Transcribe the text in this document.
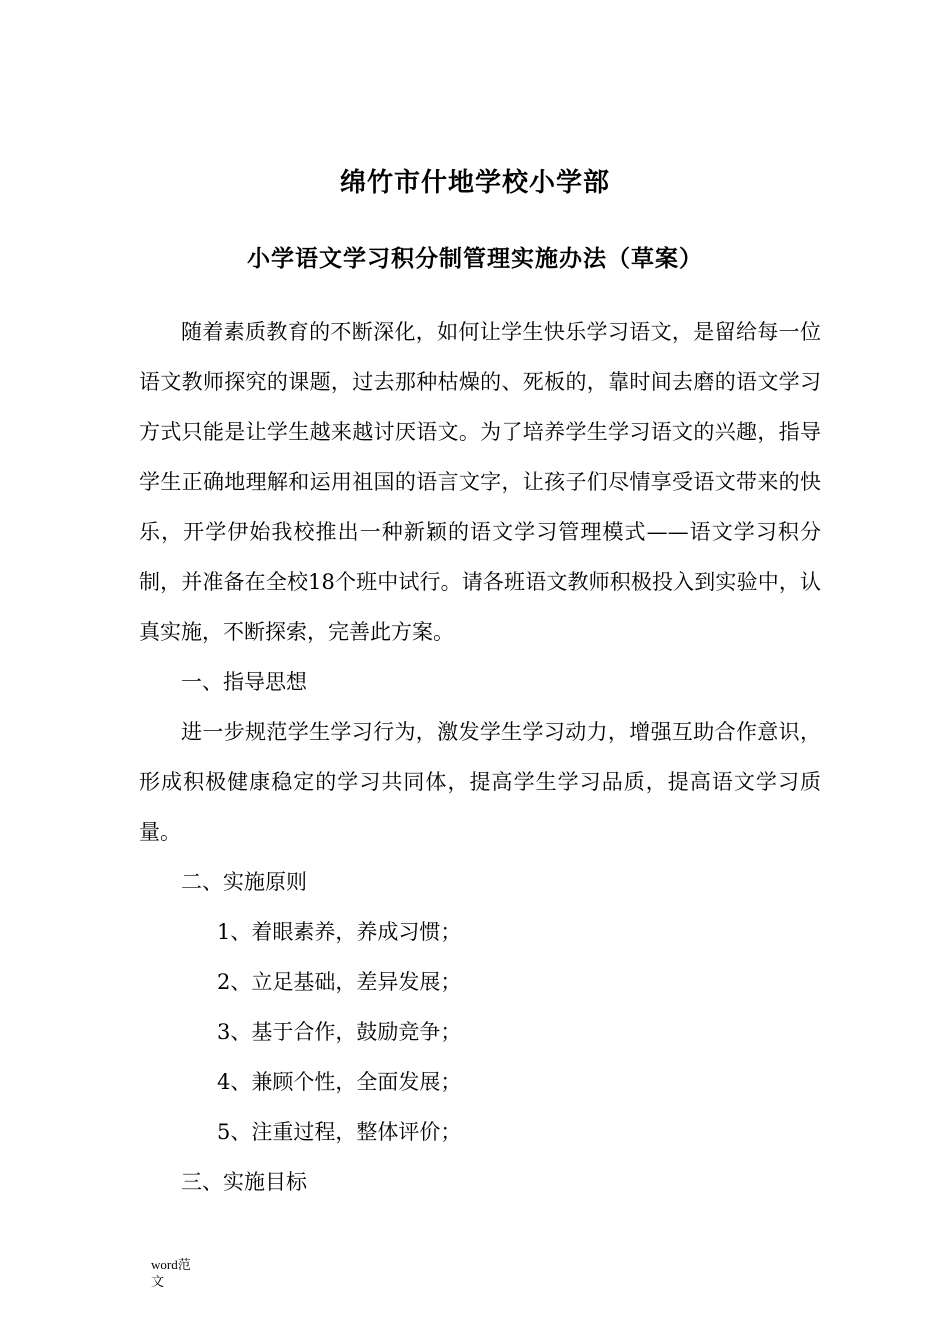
绵竹市什地学校小学部
小学语文学习积分制管理实施办法（草案）

随着素质教育的不断深化，如何让学生快乐学习语文，是留给每一位语文教师探究的课题，过去那种枯燥的、死板的，靠时间去磨的语文学习方式只能是让学生越来越讨厌语文。为了培养学生学习语文的兴趣，指导学生正确地理解和运用祖国的语言文字，让孩子们尽情享受语文带来的快乐，开学伊始我校推出一种新颖的语文学习管理模式——语文学习积分制，并准备在全校18个班中试行。请各班语文教师积极投入到实验中，认真实施，不断探索，完善此方案。

一、指导思想

进一步规范学生学习行为，激发学生学习动力，增强互助合作意识，形成积极健康稳定的学习共同体，提高学生学习品质，提高语文学习质量。

二、实施原则

1、着眼素养，养成习惯；

2、立足基础，差异发展；

3、基于合作，鼓励竞争；

4、兼顾个性，全面发展；

5、注重过程，整体评价；

三、实施目标

word范文
